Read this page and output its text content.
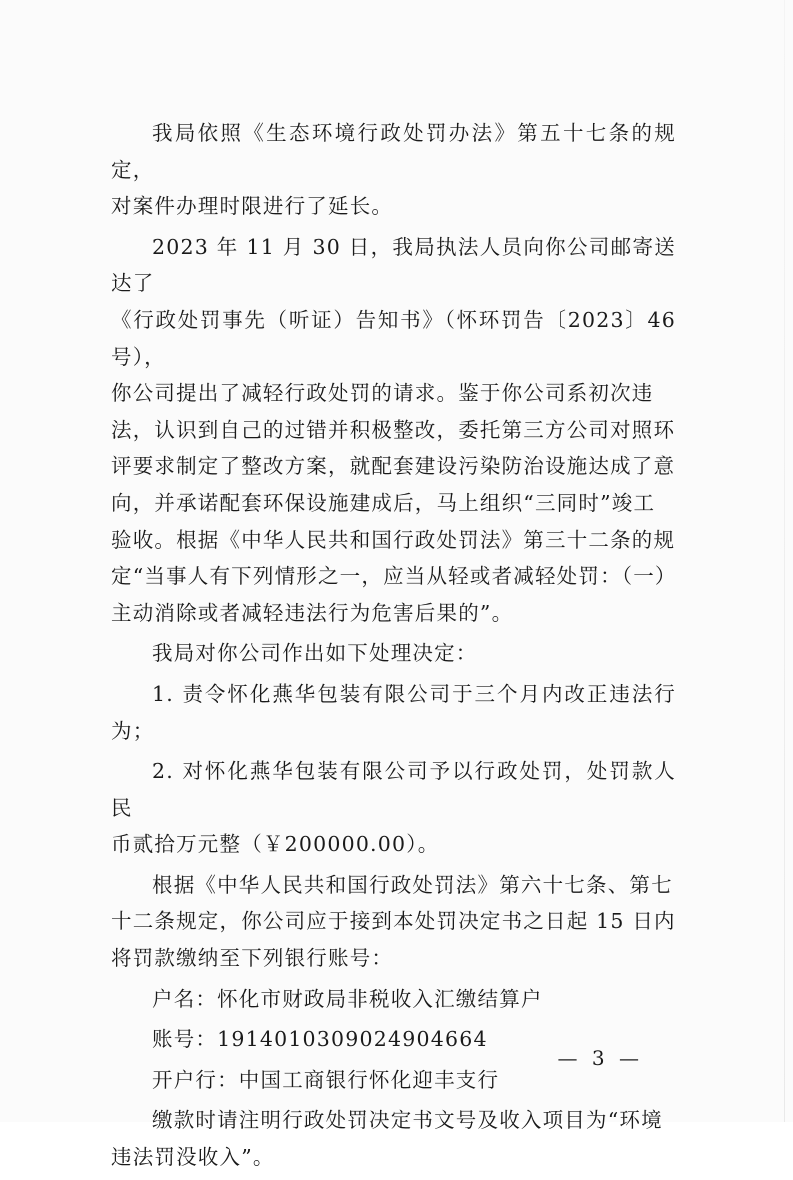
我局依照《生态环境行政处罚办法》第五十七条的规定，
对案件办理时限进行了延长。

2023 年 11 月 30 日，我局执法人员向你公司邮寄送达了
《行政处罚事先（听证）告知书》（怀环罚告〔2023〕46 号），
你公司提出了减轻行政处罚的请求。鉴于你公司系初次违
法，认识到自己的过错并积极整改，委托第三方公司对照环
评要求制定了整改方案，就配套建设污染防治设施达成了意
向，并承诺配套环保设施建成后，马上组织“三同时”竣工
验收。根据《中华人民共和国行政处罚法》第三十二条的规
定“当事人有下列情形之一，应当从轻或者减轻处罚：（一）
主动消除或者减轻违法行为危害后果的”。

我局对你公司作出如下处理决定：

1. 责令怀化燕华包装有限公司于三个月内改正违法行为；

2. 对怀化燕华包装有限公司予以行政处罚，处罚款人民
币贰拾万元整（￥200000.00）。

根据《中华人民共和国行政处罚法》第六十七条、第七
十二条规定，你公司应于接到本处罚决定书之日起 15 日内
将罚款缴纳至下列银行账号：

户名：怀化市财政局非税收入汇缴结算户

账号：191401030902490466​4

开户行：中国工商银行怀化迎丰支行

缴款时请注明行政处罚决定书文号及收入项目为“环境
违法罚没收入”。

— 3 —
